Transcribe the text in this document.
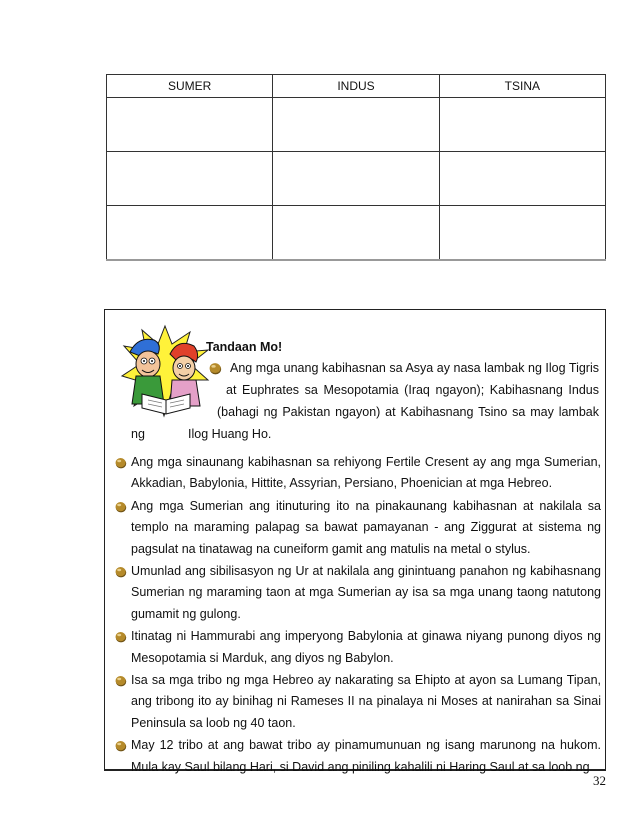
SUMER	INDUS	TSINA

Tandaan Mo!
Ang mga unang kabihasnan sa Asya ay nasa lambak ng Ilog Tigris
at Euphrates sa Mesopotamia (Iraq ngayon); Kabihasnang Indus
(bahagi ng Pakistan ngayon) at Kabihasnang Tsino sa may lambak
ng	Ilog Huang Ho.
Ang mga sinaunang kabihasnan sa rehiyong Fertile Cresent ay ang mga Sumerian, Akkadian, Babylonia, Hittite, Assyrian, Persiano, Phoenician at mga Hebreo.
Ang mga Sumerian ang itinuturing ito na pinakaunang kabihasnan at nakilala sa templo na maraming palapag sa bawat pamayanan - ang Ziggurat at sistema ng pagsulat na tinatawag na cuneiform gamit ang matulis na metal o stylus.
Umunlad ang sibilisasyon ng Ur at nakilala ang ginintuang panahon ng kabihasnang Sumerian ng maraming taon at mga Sumerian ay isa sa mga unang taong natutong gumamit ng gulong.
Itinatag ni Hammurabi ang imperyong Babylonia at ginawa niyang punong diyos ng Mesopotamia si Marduk, ang diyos ng Babylon.
Isa sa mga tribo ng mga Hebreo ay nakarating sa Ehipto at ayon sa Lumang Tipan, ang tribong ito ay binihag ni Rameses II na pinalaya ni Moses at nanirahan sa Sinai Peninsula sa loob ng 40 taon.
May 12 tribo at ang bawat tribo ay pinamumunuan ng isang marunong na hukom. Mula kay Saul bilang Hari, si David ang piniling kahalili ni Haring Saul at sa loob ng
32
